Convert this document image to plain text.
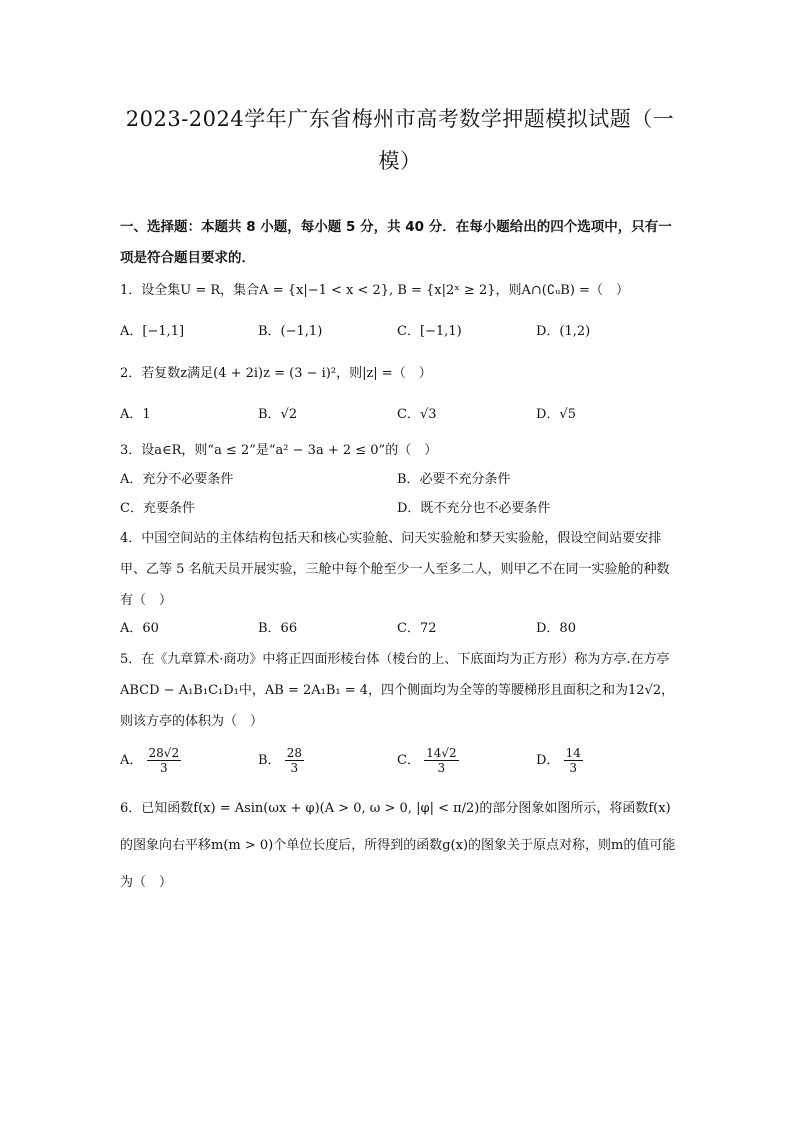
2023-2024学年广东省梅州市高考数学押题模拟试题（一
模）
一、选择题：本题共 8 小题，每小题 5 分，共 40 分．在每小题给出的四个选项中，只有一项是符合题目要求的．
1．设全集U = R，集合A = {x|−1 < x < 2}, B = {x|2ˣ ≥ 2}，则A∩(∁ᵤB) =（　）
A．[−1,1]	B．(−1,1)	C．[−1,1)	D．(1,2)
2．若复数z满足(4 + 2i)z = (3 − i)²，则|z| =（　）
A．1	B．√2	C．√3	D．√5
3．设a∈R，则“a ≤ 2”是“a² − 3a + 2 ≤ 0”的（　）
A．充分不必要条件	B．必要不充分条件
C．充要条件	D．既不充分也不必要条件
4．中国空间站的主体结构包括天和核心实验舱、问天实验舱和梦天实验舱，假设空间站要安排甲、乙等 5 名航天员开展实验，三舱中每个舱至少一人至多二人，则甲乙不在同一实验舱的种数有（　）
A．60	B．66	C．72	D．80
5．在《九章算术·商功》中将正四面形棱台体（棱台的上、下底面均为正方形）称为方亭.在方亭ABCD − A₁B₁C₁D₁中，AB = 2A₁B₁ = 4，四个侧面均为全等的等腰梯形且面积之和为12√2，则该方亭的体积为（　）
A． $\frac{28√2}{3}$	B． $\frac{28}{3}$	C． $\frac{14√2}{3}$	D． $\frac{14}{3}$
6．已知函数f(x) = Asin(ωx + φ)(A > 0, ω > 0, |φ| < π/2)的部分图象如图所示，将函数f(x)的图象向右平移m(m > 0)个单位长度后，所得到的函数g(x)的图象关于原点对称，则m的值可能为（　）
